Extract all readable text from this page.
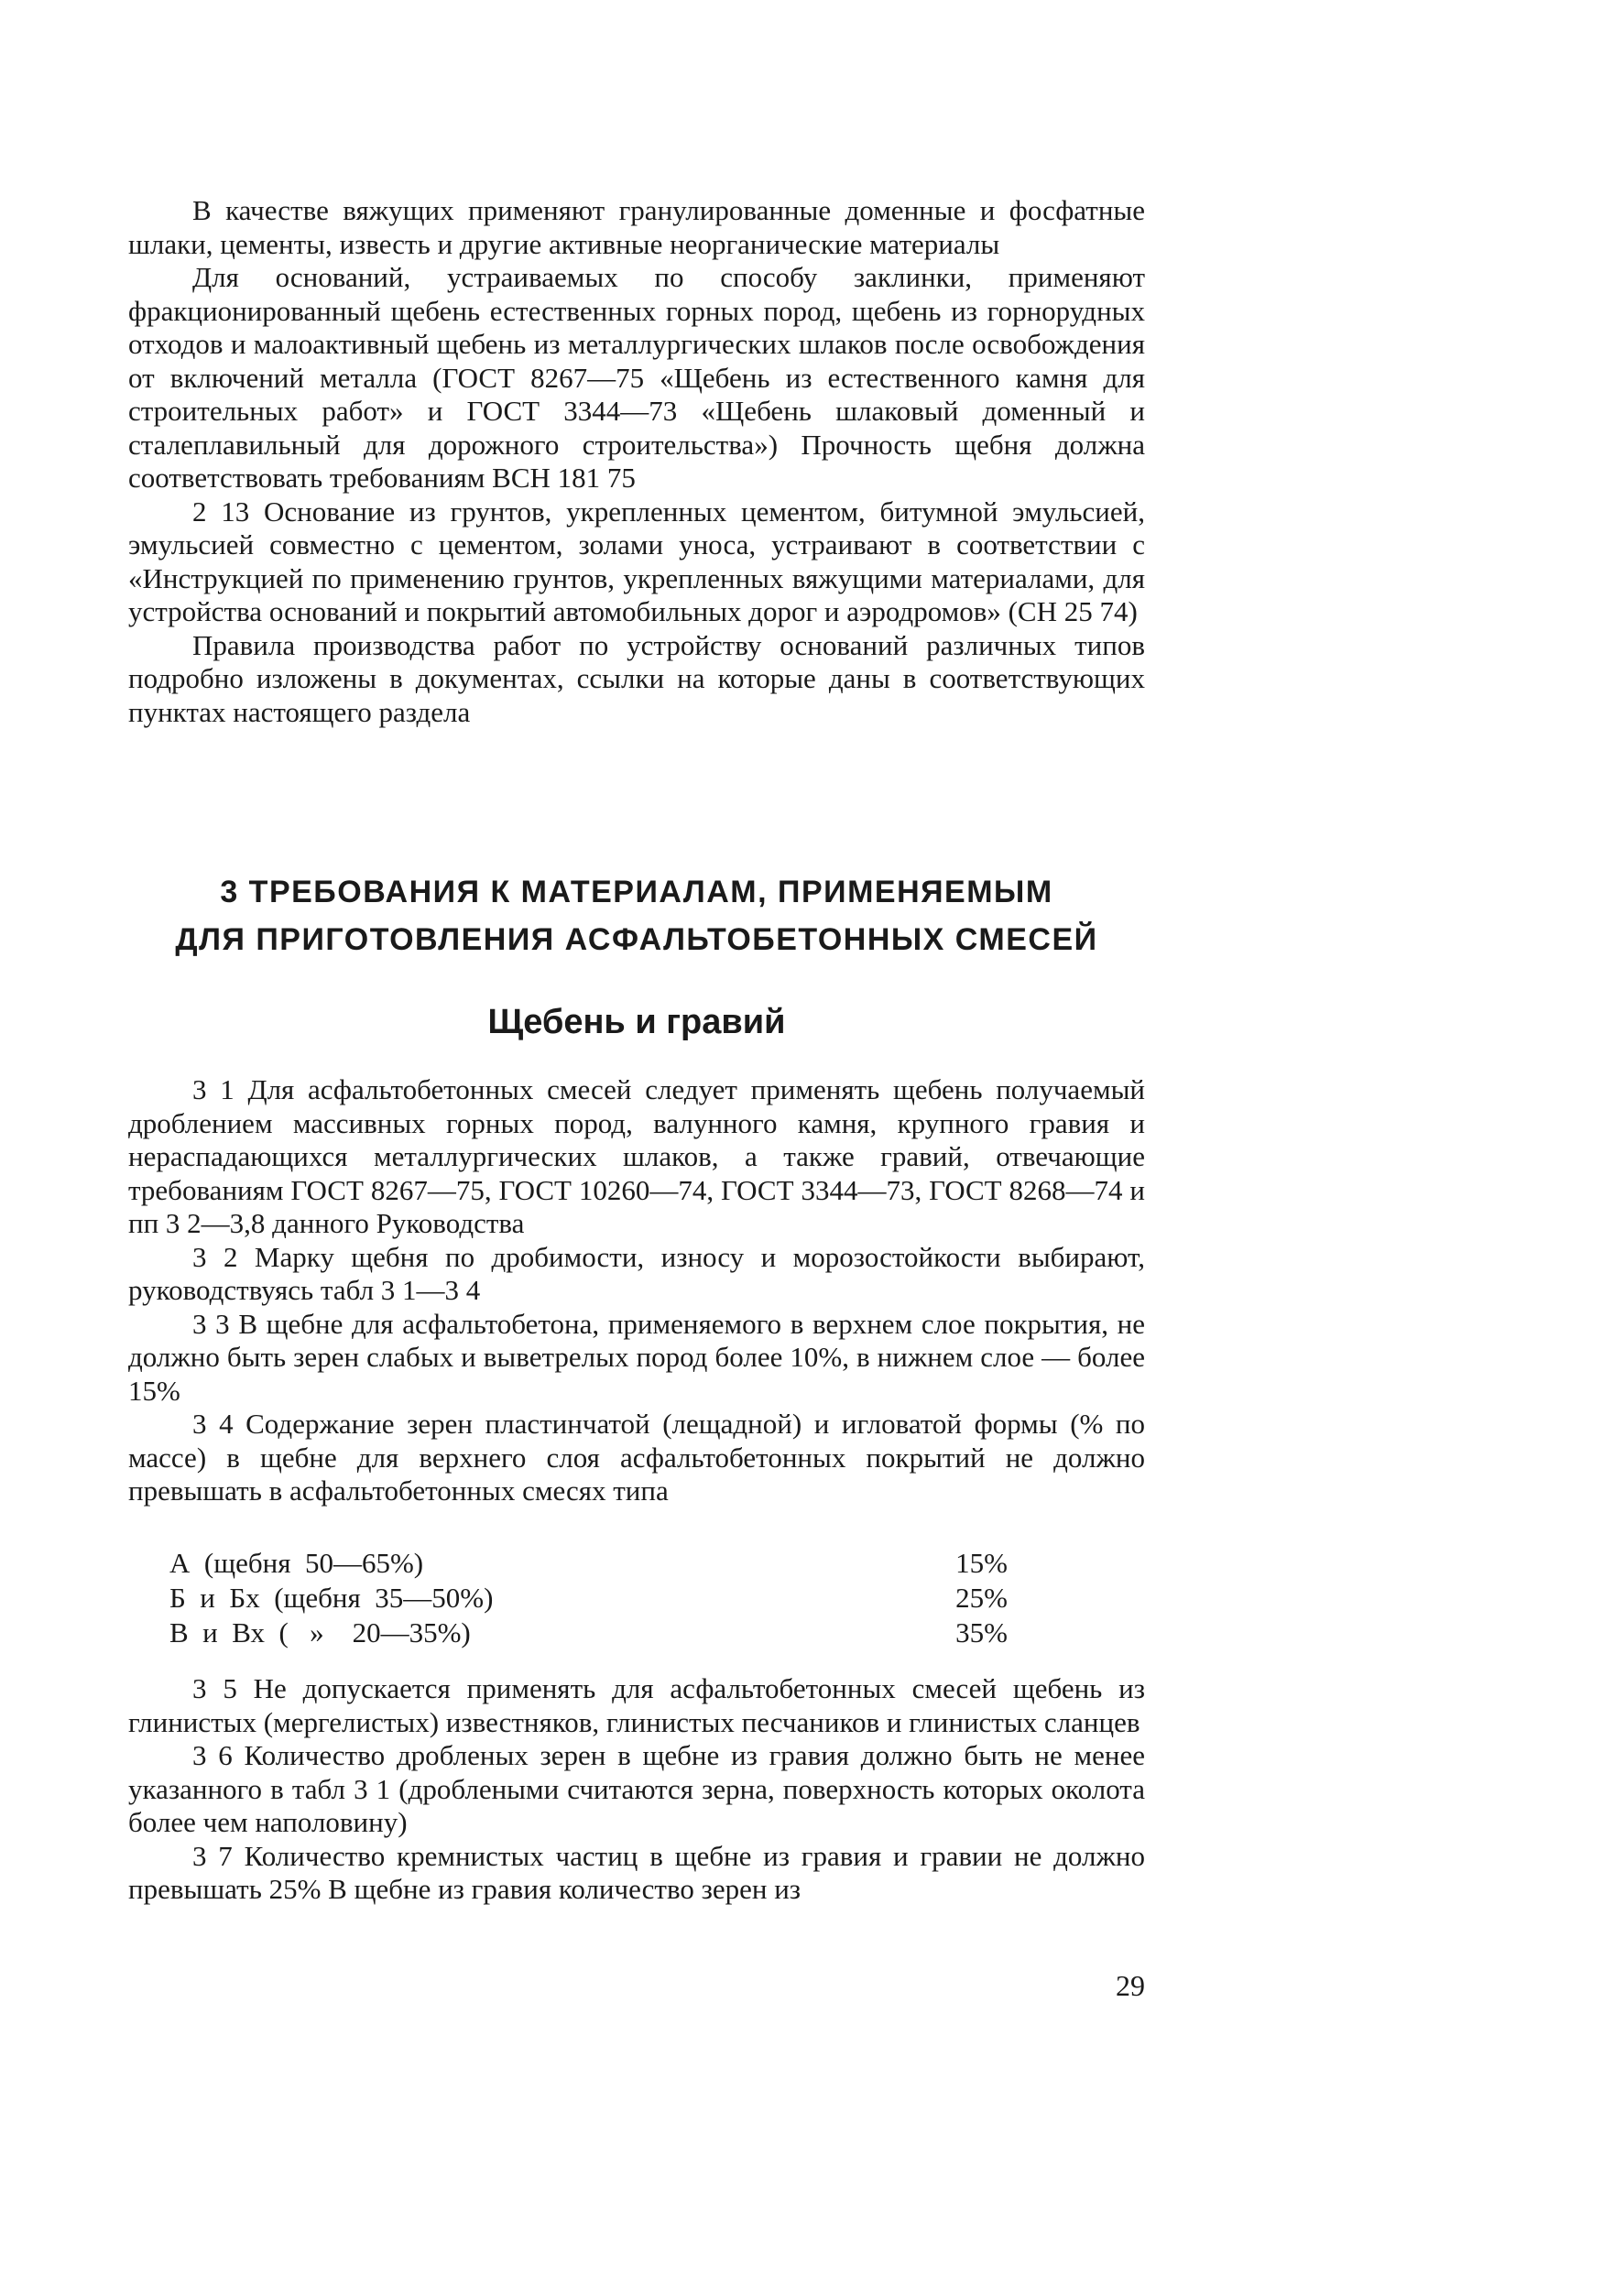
В качестве вяжущих применяют гранулированные доменные и фосфатные шлаки, цементы, известь и другие активные неорганические материалы

Для оснований, устраиваемых по способу заклинки, применяют фракционированный щебень естественных горных пород, щебень из горнорудных отходов и малоактивный щебень из металлургических шлаков после освобождения от включений металла (ГОСТ 8267—75 «Щебень из естественного камня для строительных работ» и ГОСТ 3344—73 «Щебень шлаковый доменный и сталеплавильный для дорожного строительства») Прочность щебня должна соответствовать требованиям ВСН 181 75

2 13 Основание из грунтов, укрепленных цементом, битумной эмульсией, эмульсией совместно с цементом, золами уноса, устраивают в соответствии с «Инструкцией по применению грунтов, укрепленных вяжущими материалами, для устройства оснований и покрытий автомобильных дорог и аэродромов» (СН 25 74)

Правила производства работ по устройству оснований различных типов подробно изложены в документах, ссылки на которые даны в соответствующих пунктах настоящего раздела

3 ТРЕБОВАНИЯ К МАТЕРИАЛАМ, ПРИМЕНЯЕМЫМ
ДЛЯ ПРИГОТОВЛЕНИЯ АСФАЛЬТОБЕТОННЫХ СМЕСЕЙ
Щебень и гравий

3 1 Для асфальтобетонных смесей следует применять щебень получаемый дроблением массивных горных пород, валунного камня, крупного гравия и нераспадающихся металлургических шлаков, а также гравий, отвечающие требованиям ГОСТ 8267—75, ГОСТ 10260—74, ГОСТ 3344—73, ГОСТ 8268—74 и пп 3 2—3,8 данного Руководства

3 2 Марку щебня по дробимости, износу и морозостойкости выбирают, руководствуясь табл 3 1—3 4

3 3 В щебне для асфальтобетона, применяемого в верхнем слое покрытия, не должно быть зерен слабых и выветрелых пород более 10%, в нижнем слое — более 15%

3 4 Содержание зерен пластинчатой (лещадной) и игловатой формы (% по массе) в щебне для верхнего слоя асфальтобетонных покрытий не должно превышать в асфальтобетонных смесях типа

А  (щебня  50—65%)	15%
Б  и  Бх  (щебня  35—50%)	25%
В  и  Вх  (   »    20—35%)	35%

3 5 Не допускается применять для асфальтобетонных смесей щебень из глинистых (мергелистых) известняков, глинистых песчаников и глинистых сланцев

3 6 Количество дробленых зерен в щебне из гравия должно быть не менее указанного в табл 3 1 (дроблеными считаются зерна, поверхность которых околота более чем наполовину)

3 7 Количество кремнистых частиц в щебне из гравия и гравии не должно превышать 25% В щебне из гравия количество зерен из

29
